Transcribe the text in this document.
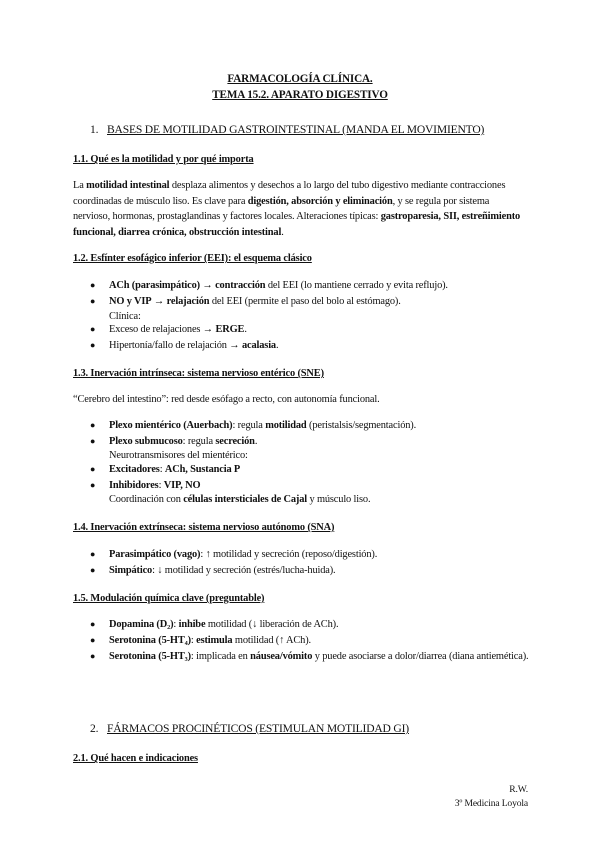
FARMACOLOGÍA CLÍNICA.
TEMA 15.2. APARATO DIGESTIVO
1. BASES DE MOTILIDAD GASTROINTESTINAL (MANDA EL MOVIMIENTO)
1.1. Qué es la motilidad y por qué importa
La motilidad intestinal desplaza alimentos y desechos a lo largo del tubo digestivo mediante contracciones coordinadas de músculo liso. Es clave para digestión, absorción y eliminación, y se regula por sistema nervioso, hormonas, prostaglandinas y factores locales. Alteraciones típicas: gastroparesia, SII, estreñimiento funcional, diarrea crónica, obstrucción intestinal.
1.2. Esfínter esofágico inferior (EEI): el esquema clásico
● ACh (parasimpático) → contracción del EEI (lo mantiene cerrado y evita reflujo).
● NO y VIP → relajación del EEI (permite el paso del bolo al estómago).
Clínica:
● Exceso de relajaciones → ERGE.
● Hipertonía/fallo de relajación → acalasia.
1.3. Inervación intrínseca: sistema nervioso entérico (SNE)
“Cerebro del intestino”: red desde esófago a recto, con autonomía funcional.
● Plexo mientérico (Auerbach): regula motilidad (peristalsis/segmentación).
● Plexo submucoso: regula secreción.
Neurotransmisores del mientérico:
● Excitadores: ACh, Sustancia P
● Inhibidores: VIP, NO
Coordinación con células intersticiales de Cajal y músculo liso.
1.4. Inervación extrínseca: sistema nervioso autónomo (SNA)
● Parasimpático (vago): ↑ motilidad y secreción (reposo/digestión).
● Simpático: ↓ motilidad y secreción (estrés/lucha-huida).
1.5. Modulación química clave (preguntable)
● Dopamina (D₂): inhibe motilidad (↓ liberación de ACh).
● Serotonina (5-HT₄): estimula motilidad (↑ ACh).
● Serotonina (5-HT₃): implicada en náusea/vómito y puede asociarse a dolor/diarrea (diana antiemética).
2. FÁRMACOS PROCINÉTICOS (ESTIMULAN MOTILIDAD GI)
2.1. Qué hacen e indicaciones
R.W.
3º Medicina Loyola
